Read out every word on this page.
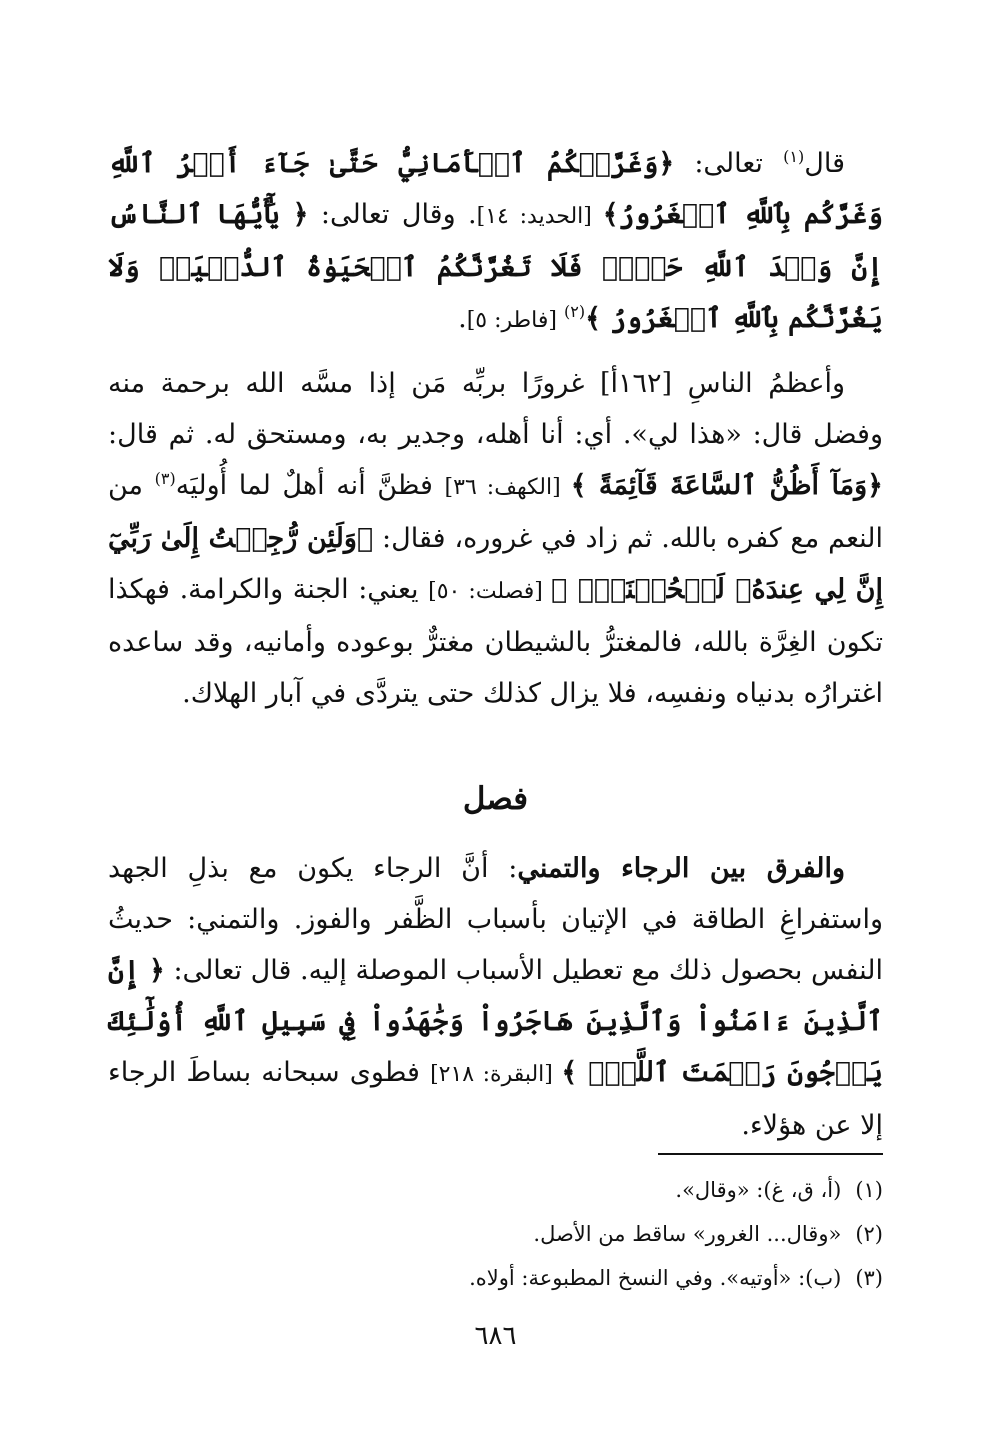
قال$^{(١)}$ تعالى: ﴿وَغَرَّتۡكُمُ ٱلۡأَمَانِيُّ حَتَّىٰ جَآءَ أَمۡرُ ٱللَّهِ وَغَرَّكُم بِٱللَّهِ ٱلۡغَرُورُ﴾ [الحديد: ١٤]. وقال تعالى: ﴿ يَٰٓأَيُّهَا ٱلنَّاسُ إِنَّ وَعۡدَ ٱللَّهِ حَقّٞۖ فَلَا تَغُرَّنَّكُمُ ٱلۡحَيَوٰةُ ٱلدُّنۡيَاۖ وَلَا يَغُرَّنَّكُم بِٱللَّهِ ٱلۡغَرُورُ ﴾$^{(٢)}$ [فاطر: ٥].

وأعظمُ الناسِ [١٦٢أ] غرورًا بربِّه مَن إذا مسَّه الله برحمة منه وفضل قال: «هذا لي». أي: أنا أهله، وجدير به، ومستحق له. ثم قال: ﴿وَمَآ أَظُنُّ ٱلسَّاعَةَ قَآئِمَةً ﴾ [الكهف: ٣٦] فظنَّ أنه أهلٌ لما أُوليَه$^{(٣)}$ من النعم مع كفره بالله. ثم زاد في غروره، فقال: ﴿وَلَئِن رُّجِعۡتُ إِلَىٰ رَبِّيٓ إِنَّ لِي عِندَهُۥ لَلۡحُسۡنَىٰۚ ﴾ [فصلت: ٥٠] يعني: الجنة والكرامة. فهكذا تكون الغِرَّة بالله، فالمغترُّ بالشيطان مغترٌّ بوعوده وأمانيه، وقد ساعده اغترارُه بدنياه ونفسِه، فلا يزال كذلك حتى يتردَّى في آبار الهلاك.

فصل

والفرق بين الرجاء والتمني: أنَّ الرجاء يكون مع بذلِ الجهد واستفراغِ الطاقة في الإتيان بأسباب الظَّفر والفوز. والتمني: حديثُ النفس بحصول ذلك مع تعطيل الأسباب الموصلة إليه. قال تعالى: ﴿ إِنَّ ٱلَّذِينَ ءَامَنُواْ وَٱلَّذِينَ هَاجَرُواْ وَجَٰهَدُواْ فِي سَبِيلِ ٱللَّهِ أُوْلَٰٓئِكَ يَرۡجُونَ رَحۡمَتَ ٱللَّهِۚ ﴾ [البقرة: ٢١٨] فطوى سبحانه بساطَ الرجاء إلا عن هؤلاء.

(١)(أ، ق، غ): «وقال».

(٢)«وقال... الغرور» ساقط من الأصل.

(٣)(ب): «أوتيه». وفي النسخ المطبوعة: أولاه.

٦٨٦
